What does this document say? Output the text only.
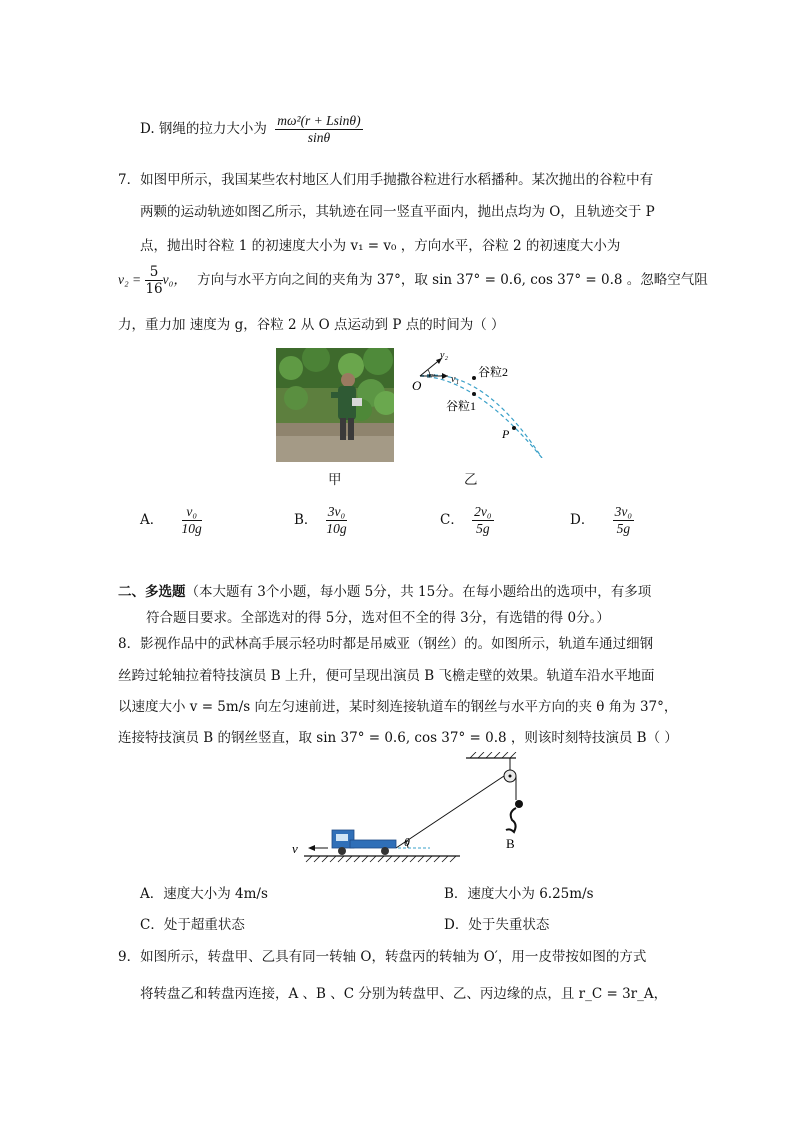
D. 钢绳的拉力大小为 $\frac{\text{mω²(r + Lsinθ)}}{\sin\theta}$
7．如图甲所示，我国某些农村地区人们用手抛撒谷粒进行水稻播种。某次抛出的谷粒中有
两颗的运动轨迹如图乙所示，其轨迹在同一竖直平面内，抛出点均为 O，且轨迹交于 P
点，抛出时谷粒 1 的初速度大小为 v₁ = v₀ ，方向水平，谷粒 2 的初速度大小为
$v_2 = \frac{5}{16} v_0$， 方向与水平方向之间的夹角为 37°，取 sin 37° = 0.6, cos 37° = 0.8 。忽略空气阻
力，重力加 速度为 g，谷粒 2 从 O 点运动到 P 点的时间为（ ）
O
v₂
v₁
37°	谷粒2
谷粒1
P
甲	乙
A． $\frac{\text{v₀}}{10g}$	B． $\frac{\text{3v₀}}{10g}$	C． $\frac{\text{2v₀}}{5g}$	D． $\frac{\text{3v₀}}{5g}$
二、多选题（本大题有 3个小题，每小题 5分，共 15分。在每小题给出的选项中，有多项
符合题目要求。全部选对的得 5分，选对但不全的得 3分，有选错的得 0分。）
8．影视作品中的武林高手展示轻功时都是吊威亚（钢丝）的。如图所示，轨道车通过细钢
丝跨过轮轴拉着特技演员 B 上升，便可呈现出演员 B 飞檐走壁的效果。轨道车沿水平地面
以速度大小 v = 5m/s 向左匀速前进，某时刻连接轨道车的钢丝与水平方向的夹 θ 角为 37°，
连接特技演员 B 的钢丝竖直，取 sin 37° = 0.6, cos 37° = 0.8 ，则该时刻特技演员 B（ ）
v	θ	B
A．速度大小为 4m/s	B．速度大小为 6.25m/s
C．处于超重状态	D．处于失重状态
9．如图所示，转盘甲、乙具有同一转轴 O，转盘丙的转轴为 O′，用一皮带按如图的方式
将转盘乙和转盘丙连接，A 、B 、C 分别为转盘甲、乙、丙边缘的点，且 r_C = 3r_A，
